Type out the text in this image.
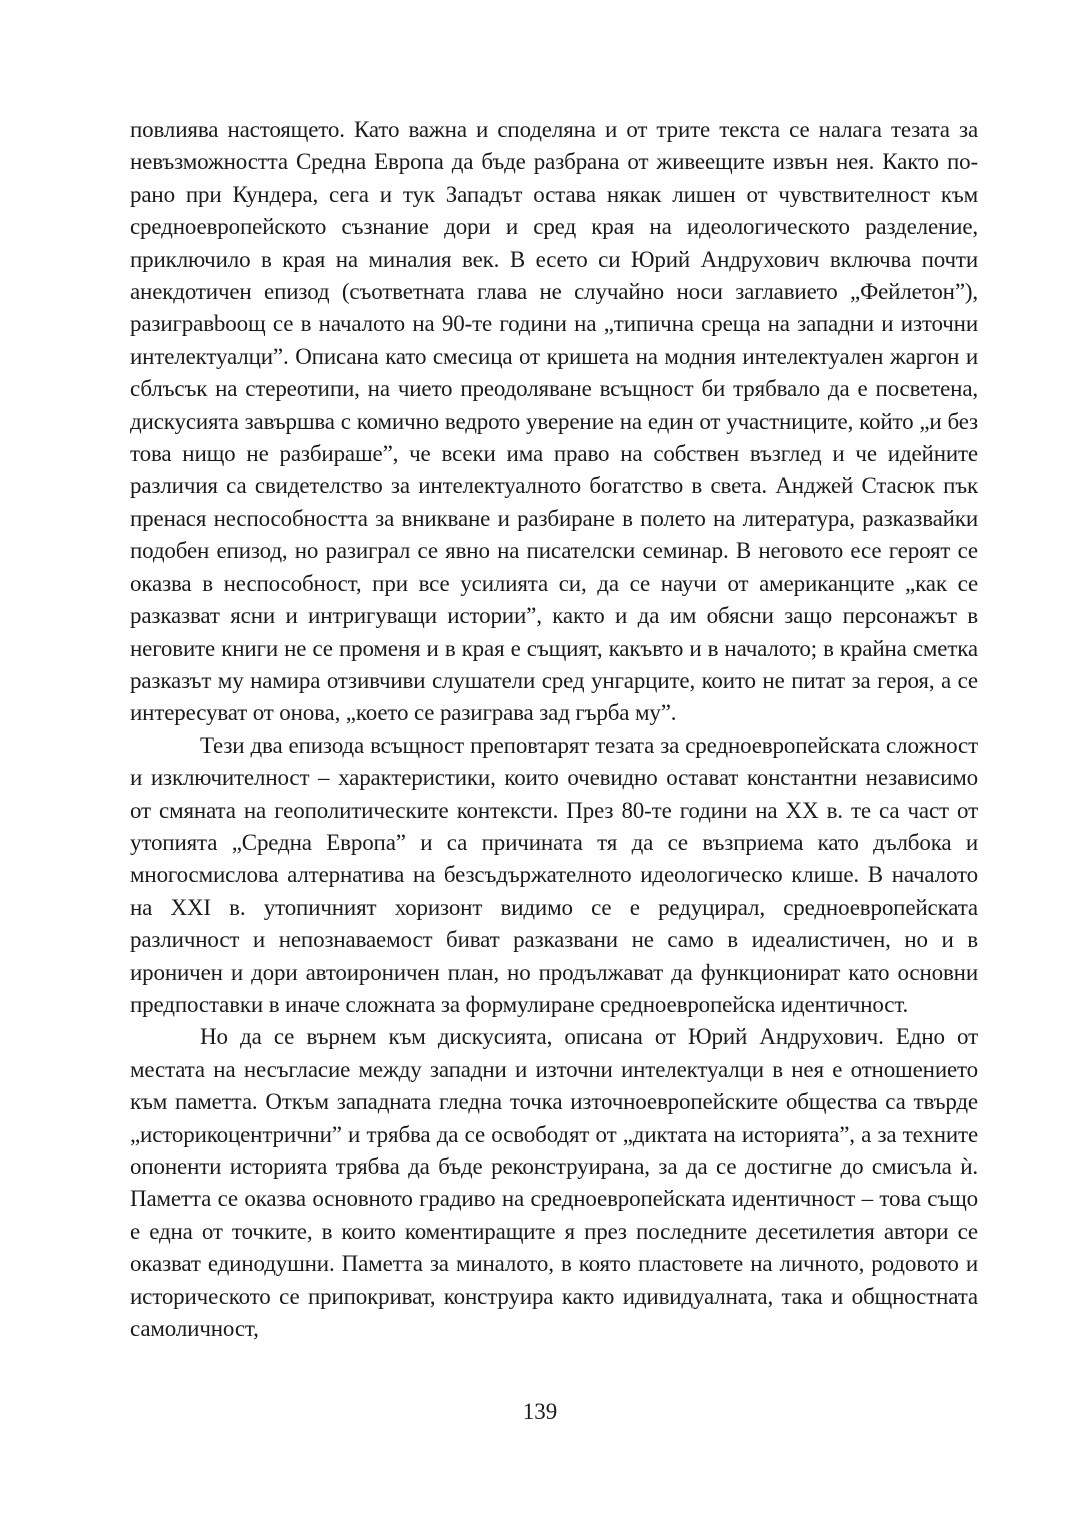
повлиява настоящето. Като важна и споделяна и от трите текста се налага тезата за невъзможността Средна Европа да бъде разбрана от живеещите извън нея. Както по-рано при Кундера, сега и тук Западът остава някак лишен от чувствителност към средноевропейското съзнание дори и сред края на идеологическото разделение, приключило в края на миналия век. В есето си Юрий Андрухович включва почти анекдотичен епизод (съответната глава не случайно носи заглавието „Фейлетон”), разигравbooщ се в началото на 90-те години на „типична среща на западни и източни интелектуалци”. Описана като смесица от кришета на модния интелектуален жаргон и сблъсък на стереотипи, на чието преодоляване всъщност би трябвало да е посветена, дискусията завършва с комично ведрото уверение на един от участниците, който „и без това нищо не разбираше”, че всеки има право на собствен възглед и че идейните различия са свидетелство за интелектуалното богатство в света. Анджей Стасюк пък пренася неспособността за вникване и разбиране в полето на литература, разказвайки подобен епизод, но разиграл се явно на писателски семинар. В неговото есе героят се оказва в неспособност, при все усилията си, да се научи от американците „как се разказват ясни и интригуващи истории”, както и да им обясни защо персонажът в неговите книги не се променя и в края е същият, какъвто и в началото; в крайна сметка разказът му намира отзивчиви слушатели сред унгарците, които не питат за героя, а се интересуват от онова, „което се разиграва зад гърба му”.

Тези два епизода всъщност преповтарят тезата за средноевропейската сложност и изключителност – характеристики, които очевидно остават константни независимо от смяната на геополитическите контексти. През 80-те години на XX в. те са част от утопията „Средна Европа” и са причината тя да се възприема като дълбока и многосмислова алтернатива на безсъдържателното идеологическо клише. В началото на XXI в. утопичният хоризонт видимо се е редуцирал, средноевропейската различност и непознаваемост биват разказвани не само в идеалистичен, но и в ироничен и дори автоироничен план, но продължават да функционират като основни предпоставки в иначе сложната за формулиране средноевропейска идентичност.

Но да се върнем към дискусията, описана от Юрий Андрухович. Едно от местата на несъгласие между западни и източни интелектуалци в нея е отношението към паметта. Откъм западната гледна точка източноевропейските общества са твърде „историкоцентрични” и трябва да се освободят от „диктата на историята”, а за техните опоненти историята трябва да бъде реконструирана, за да се достигне до смисъла ѝ. Паметта се оказва основното градиво на средноевропейската идентичност – това също е една от точките, в които коментиращите я през последните десетилетия автори се оказват единодушни. Паметта за миналото, в която пластовете на личното, родовото и историческото се припокриват, конструира както идивидуалната, така и общностната самоличност,

139
